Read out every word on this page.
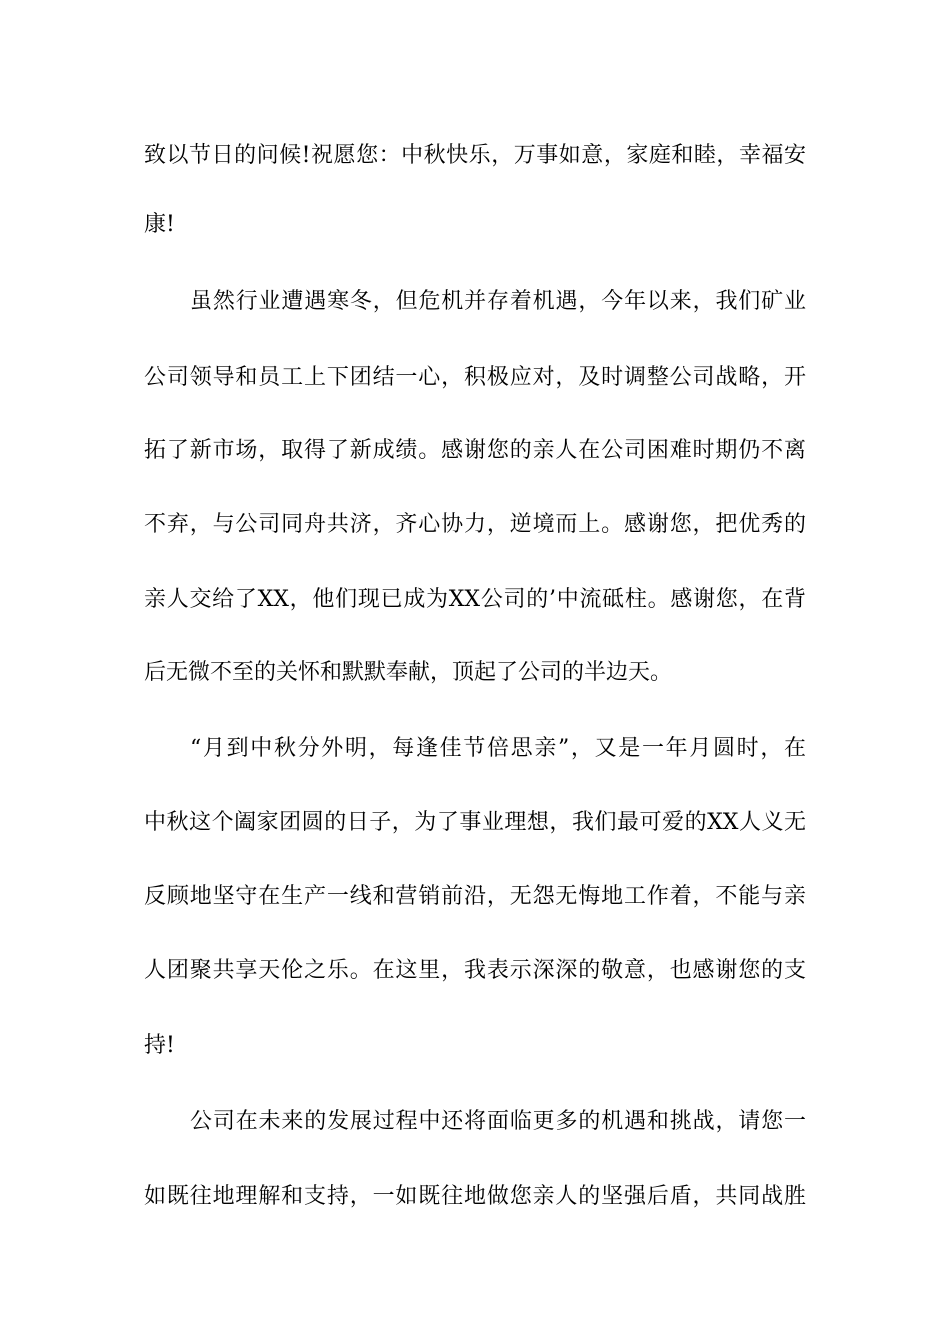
致以节日的问候!祝愿您：中秋快乐，万事如意，家庭和睦，幸福安
康!
虽然行业遭遇寒冬，但危机并存着机遇，今年以来，我们矿业
公司领导和员工上下团结一心，积极应对，及时调整公司战略，开
拓了新市场，取得了新成绩。感谢您的亲人在公司困难时期仍不离
不弃，与公司同舟共济，齐心协力，逆境而上。感谢您，把优秀的
亲人交给了XX，他们现已成为XX公司的’中流砥柱。感谢您，在背
后无微不至的关怀和默默奉献，顶起了公司的半边天。
“月到中秋分外明，每逢佳节倍思亲”，又是一年月圆时，在
中秋这个阖家团圆的日子，为了事业理想，我们最可爱的XX人义无
反顾地坚守在生产一线和营销前沿，无怨无悔地工作着，不能与亲
人团聚共享天伦之乐。在这里，我表示深深的敬意，也感谢您的支
持!
公司在未来的发展过程中还将面临更多的机遇和挑战，请您一
如既往地理解和支持，一如既往地做您亲人的坚强后盾，共同战胜
